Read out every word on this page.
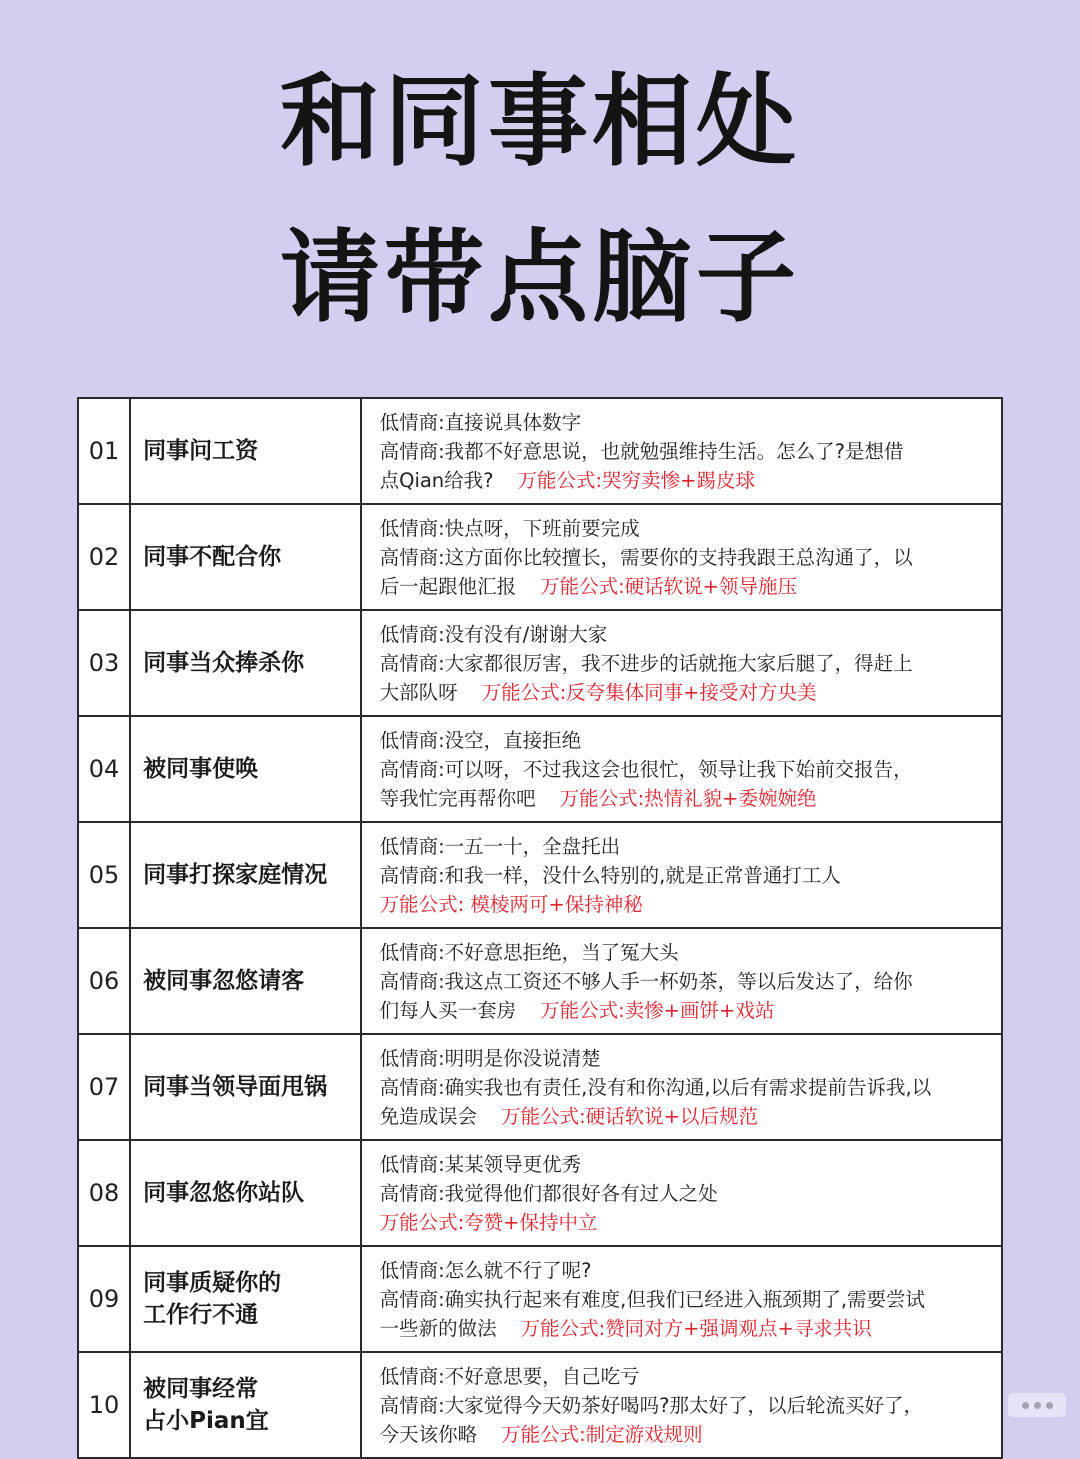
和同事相处
请带点脑子
01	同事问工资	低情商:直接说具体数字
高情商:我都不好意思说，也就勉强维持生活。怎么了?是想借
点Qian给我? 万能公式:哭穷卖惨+踢皮球

02	同事不配合你	低情商:快点呀，下班前要完成
高情商:这方面你比较擅长，需要你的支持我跟王总沟通了，以
后一起跟他汇报 万能公式:硬话软说+领导施压

03	同事当众捧杀你	低情商:没有没有/谢谢大家
高情商:大家都很厉害，我不进步的话就拖大家后腿了，得赶上
大部队呀 万能公式:反夸集体同事+接受对方央美

04	被同事使唤	低情商:没空，直接拒绝
高情商:可以呀，不过我这会也很忙，领导让我下始前交报告，
等我忙完再帮你吧 万能公式:热情礼貌+委婉婉绝

05	同事打探家庭情况	低情商:一五一十，全盘托出
高情商:和我一样，没什么特别的,就是正常普通打工人
万能公式: 模棱两可+保持神秘

06	被同事忽悠请客	低情商:不好意思拒绝，当了冤大头
高情商:我这点工资还不够人手一杯奶茶，等以后发达了，给你
们每人买一套房 万能公式:卖惨+画饼+戏站

07	同事当领导面甩锅	低情商:明明是你没说清楚
高情商:确实我也有责任,没有和你沟通,以后有需求提前告诉我,以
免造成误会 万能公式:硬话软说+以后规范

08	同事忽悠你站队	低情商:某某领导更优秀
高情商:我觉得他们都很好各有过人之处
万能公式:夸赞+保持中立

09	同事质疑你的
工作行不通	低情商:怎么就不行了呢?
高情商:确实执行起来有难度,但我们已经进入瓶颈期了,需要尝试
一些新的做法 万能公式:赞同对方+强调观点+寻求共识

10	被同事经常
占小Pian宜	低情商:不好意思要，自己吃亏
高情商:大家觉得今天奶茶好喝吗?那太好了，以后轮流买好了，
今天该你略 万能公式:制定游戏规则
